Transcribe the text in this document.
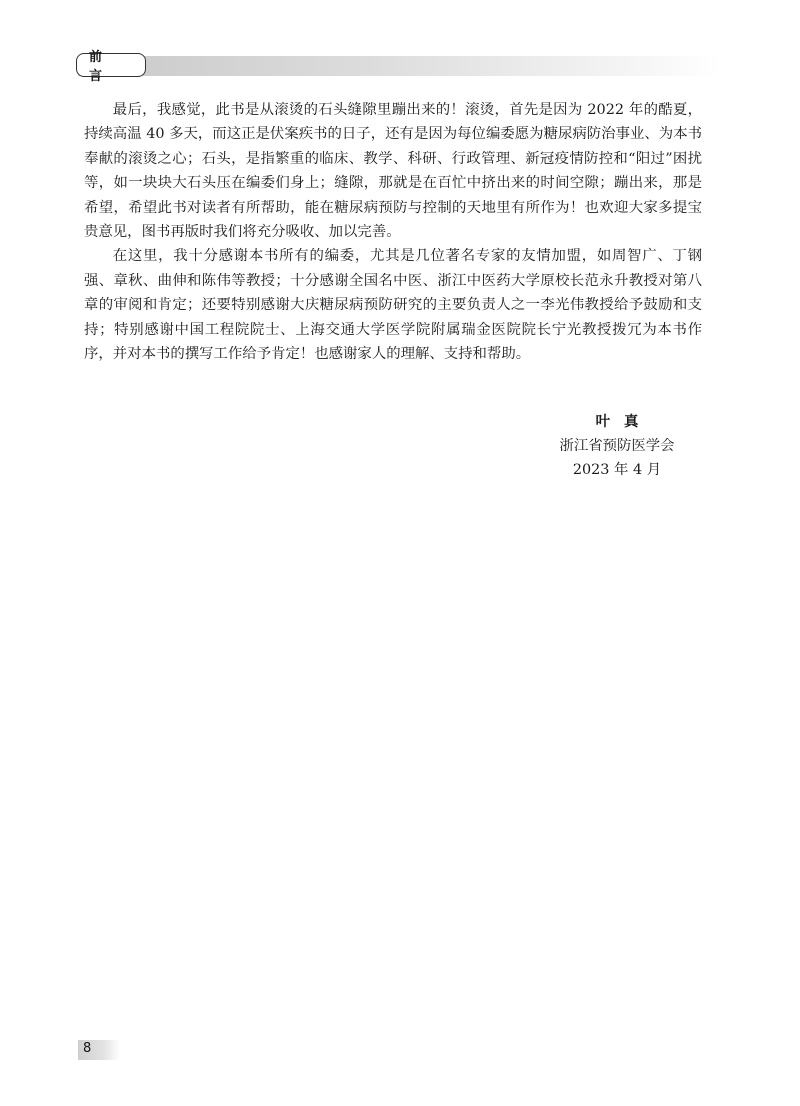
前　言

最后，我感觉，此书是从滚烫的石头缝隙里蹦出来的！滚烫，首先是因为 2022 年的酷夏，持续高温 40 多天，而这正是伏案疾书的日子，还有是因为每位编委愿为糖尿病防治事业、为本书奉献的滚烫之心；石头，是指繁重的临床、教学、科研、行政管理、新冠疫情防控和“阳过”困扰等，如一块块大石头压在编委们身上；缝隙，那就是在百忙中挤出来的时间空隙；蹦出来，那是希望，希望此书对读者有所帮助，能在糖尿病预防与控制的天地里有所作为！也欢迎大家多提宝贵意见，图书再版时我们将充分吸收、加以完善。

在这里，我十分感谢本书所有的编委，尤其是几位著名专家的友情加盟，如周智广、丁钢强、章秋、曲伸和陈伟等教授；十分感谢全国名中医、浙江中医药大学原校长范永升教授对第八章的审阅和肯定；还要特别感谢大庆糖尿病预防研究的主要负责人之一李光伟教授给予鼓励和支持；特别感谢中国工程院院士、上海交通大学医学院附属瑞金医院院长宁光教授拨冗为本书作序，并对本书的撰写工作给予肯定！也感谢家人的理解、支持和帮助。

叶真
浙江省预防医学会
2023 年 4 月
8
